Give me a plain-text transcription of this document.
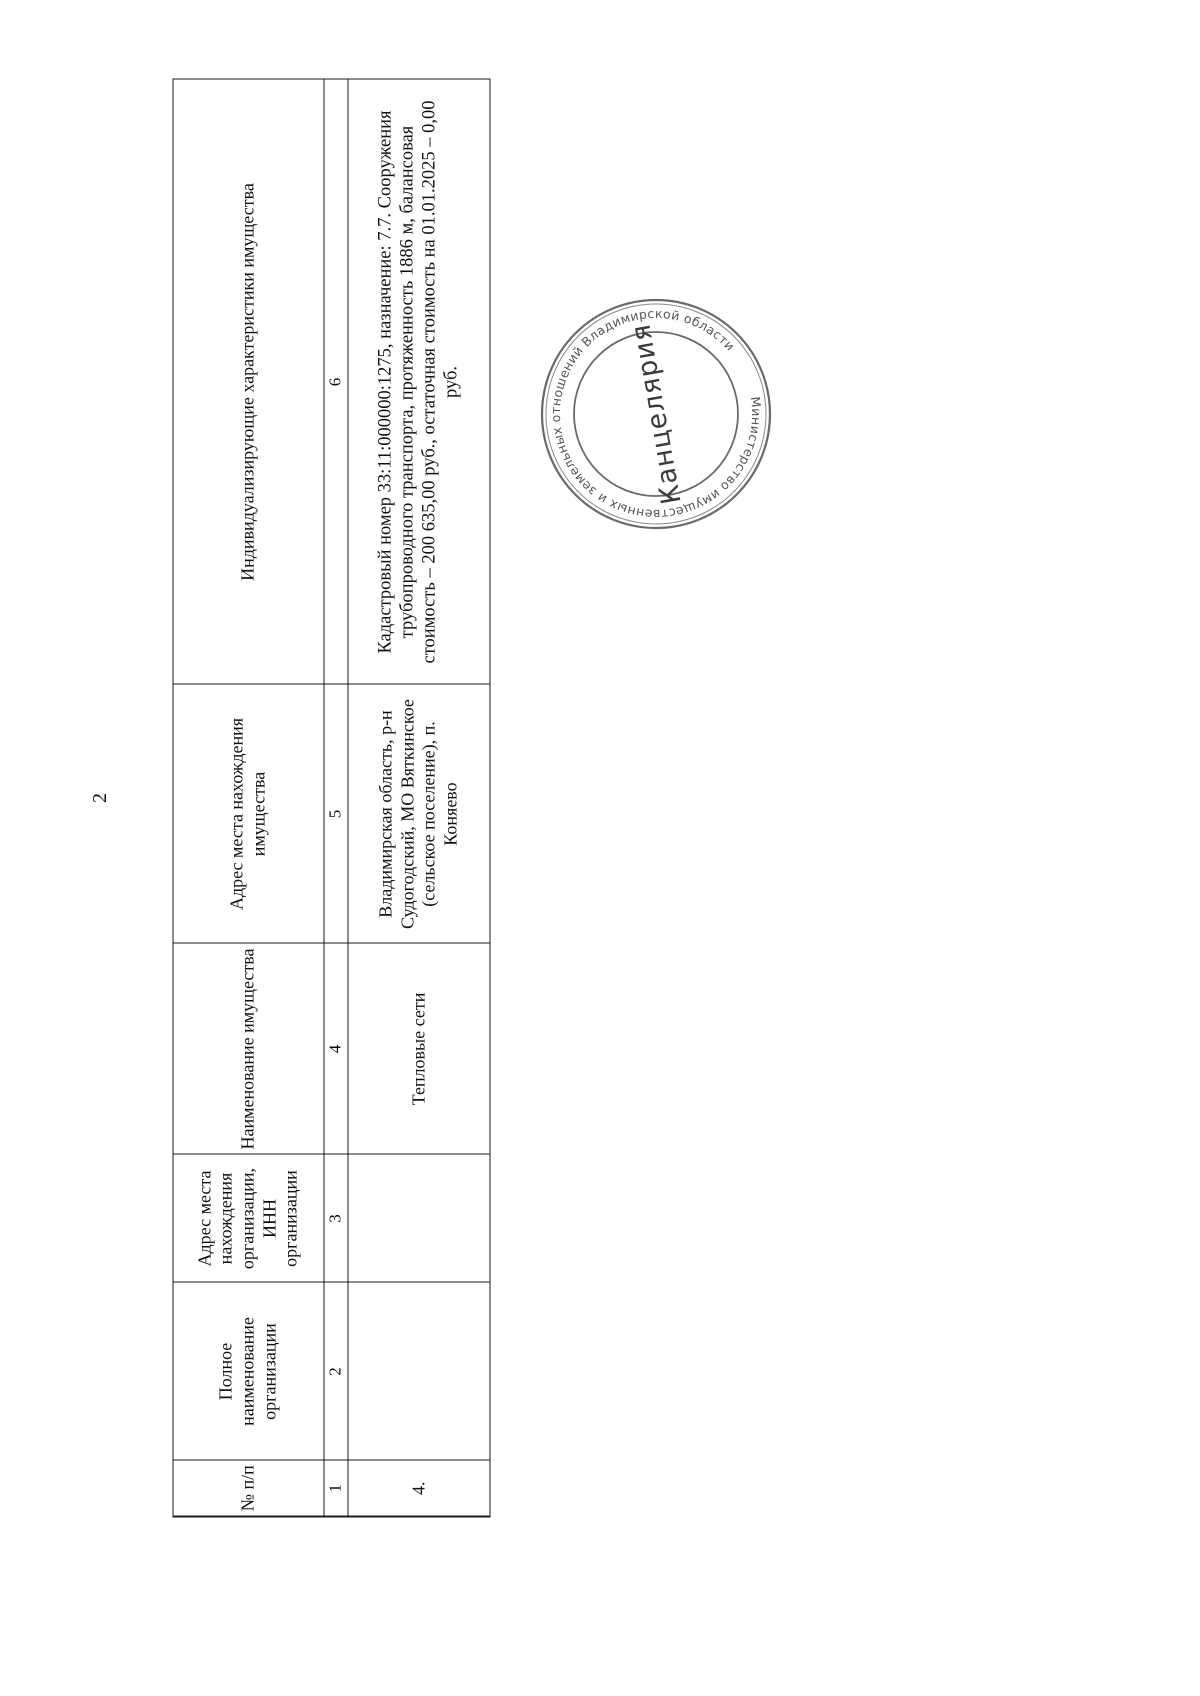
2
№ п/п	Полное наименование организации	Адрес места нахождения организации, ИНН организации	Наименование имущества	Адрес места нахождения имущества	Индивидуализирующие характеристики имущества
1	2	3	4	5	6
4.			Тепловые сети	Владимирская область, р-н Судогодский, МО Вяткинское (сельское поселение), п. Коняево	Кадастровый номер 33:11:000000:1275, назначение: 7.7. Сооружения трубопроводного транспорта, протяженность 1886 м, балансовая стоимость – 200 635,00 руб., остаточная стоимость на 01.01.2025 – 0,00 руб.
Министерство имущественных и земельных отношений Владимирской области
Канцелярия
